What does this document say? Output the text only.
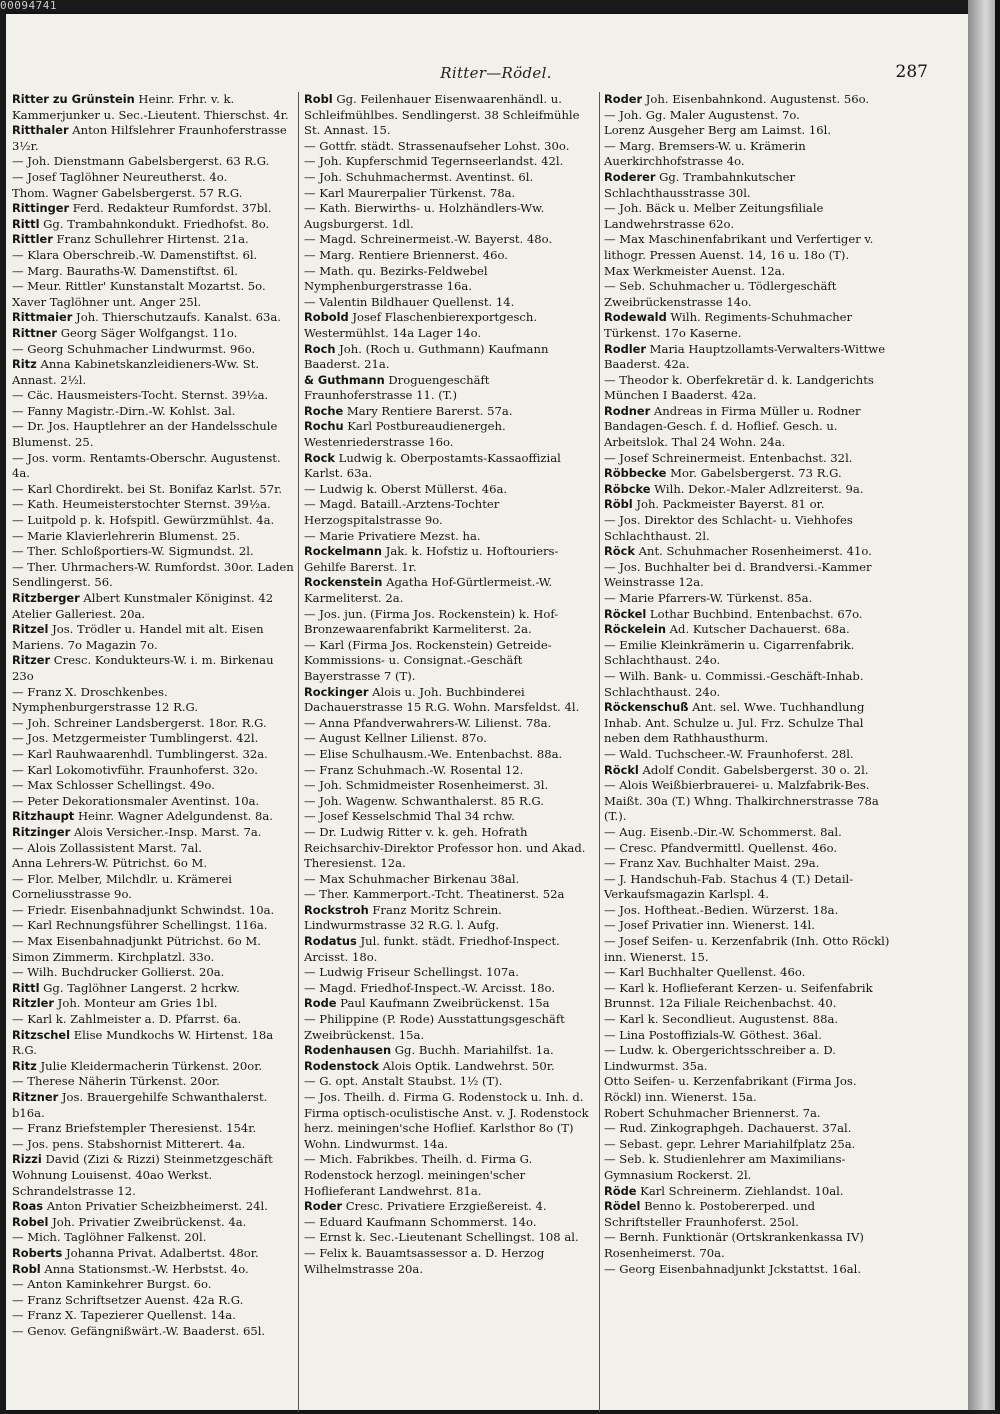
00094741
Ritter—Rödel.	287
Ritter zu Grünstein Heinr. Frhr. v. k. Kammerjunker u. Sec.-Lieutent. Thierschst. 4r.
Ritthaler Anton Hilfslehrer Fraunhoferstrasse 3½r.
— Joh. Dienstmann Gabelsbergerst. 63 R.G.
— Josef Taglöhner Neureutherst. 4o.
Thom. Wagner Gabelsbergerst. 57 R.G.
Rittinger Ferd. Redakteur Rumfordst. 37bl.
Rittl Gg. Trambahnkondukt. Friedhofst. 8o.
Rittler Franz Schullehrer Hirtenst. 21a.
— Klara Oberschreib.-W. Damenstiftst. 6l.
— Marg. Bauraths-W. Damenstiftst. 6l.
— Meur. Rittler' Kunstanstalt Mozartst. 5o.
Xaver Taglöhner unt. Anger 25l.
Rittmaier Joh. Thierschutzaufs. Kanalst. 63a.
Rittner Georg Säger Wolfgangst. 11o.
— Georg Schuhmacher Lindwurmst. 96o.
Ritz Anna Kabinetskanzleidieners-Ww. St. Annast. 2½l.
— Cäc. Hausmeisters-Tocht. Sternst. 39½a.
— Fanny Magistr.-Dirn.-W. Kohlst. 3al.
— Dr. Jos. Hauptlehrer an der Handelsschule Blumenst. 25.
— Jos. vorm. Rentamts-Oberschr. Augustenst. 4a.
— Karl Chordirekt. bei St. Bonifaz Karlst. 57r.
— Kath. Heumeisterstochter Sternst. 39½a.
— Luitpold p. k. Hofspitl. Gewürzmühlst. 4a.
— Marie Klavierlehrerin Blumenst. 25.
— Ther. Schloßportiers-W. Sigmundst. 2l.
— Ther. Uhrmachers-W. Rumfordst. 30or. Laden Sendlingerst. 56.
Ritzberger Albert Kunstmaler Königinst. 42 Atelier Galleriest. 20a.
Ritzel Jos. Trödler u. Handel mit alt. Eisen Mariens. 7o Magazin 7o.
Ritzer Cresc. Kondukteurs-W. i. m. Birkenau 23o
— Franz X. Droschkenbes. Nymphenburgerstrasse 12 R.G.
— Joh. Schreiner Landsbergerst. 18or. R.G.
— Jos. Metzgermeister Tumblingerst. 42l.
— Karl Rauhwaarenhdl. Tumblingerst. 32a.
— Karl Lokomotivführ. Fraunhoferst. 32o.
— Max Schlosser Schellingst. 49o.
— Peter Dekorationsmaler Aventinst. 10a.
Ritzhaupt Heinr. Wagner Adelgundenst. 8a.
Ritzinger Alois Versicher.-Insp. Marst. 7a.
— Alois Zollassistent Marst. 7al.
Anna Lehrers-W. Pütrichst. 6o M.
— Flor. Melber, Milchdlr. u. Krämerei Corneliusstrasse 9o.
— Friedr. Eisenbahnadjunkt Schwindst. 10a.
— Karl Rechnungsführer Schellingst. 116a.
— Max Eisenbahnadjunkt Pütrichst. 6o M.
Simon Zimmerm. Kirchplatzl. 33o.
— Wilh. Buchdrucker Gollierst. 20a.
Rittl Gg. Taglöhner Langerst. 2 hcrkw.
Ritzler Joh. Monteur am Gries 1bl.
— Karl k. Zahlmeister a. D. Pfarrst. 6a.
Ritzschel Elise Mundkochs W. Hirtenst. 18a R.G.
Ritz Julie Kleidermacherin Türkenst. 20or.
— Therese Näherin Türkenst. 20or.
Ritzner Jos. Brauergehilfe Schwanthalerst. b16a.
— Franz Briefstempler Theresienst. 154r.
— Jos. pens. Stabshornist Mitterert. 4a.
Rizzi David (Zizi & Rizzi) Steinmetzgeschäft Wohnung Louisenst. 40ao Werkst. Schrandelstrasse 12.
Roas Anton Privatier Scheizbheimerst. 24l.
Robel Joh. Privatier Zweibrückenst. 4a.
— Mich. Taglöhner Falkenst. 20l.
Roberts Johanna Privat. Adalbertst. 48or.
Robl Anna Stationsmst.-W. Herbstst. 4o.
— Anton Kaminkehrer Burgst. 6o.
— Franz Schriftsetzer Auenst. 42a R.G.
— Franz X. Tapezierer Quellenst. 14a.
— Genov. Gefängnißwärt.-W. Baaderst. 65l.
Robl Gg. Feilenhauer Eisenwaarenhändl. u. Schleifmühlbes. Sendlingerst. 38 Schleifmühle St. Annast. 15.
— Gottfr. städt. Strassenaufseher Lohst. 30o.
— Joh. Kupferschmid Tegernseerlandst. 42l.
— Joh. Schuhmachermst. Aventinst. 6l.
— Karl Maurerpalier Türkenst. 78a.
— Kath. Bierwirths- u. Holzhändlers-Ww. Augsburgerst. 1dl.
— Magd. Schreinermeist.-W. Bayerst. 48o.
— Marg. Rentiere Briennerst. 46o.
— Math. qu. Bezirks-Feldwebel Nymphenburgerstrasse 16a.
— Valentin Bildhauer Quellenst. 14.
Robold Josef Flaschenbierexportgesch. Westermühlst. 14a Lager 14o.
Roch Joh. (Roch u. Guthmann) Kaufmann Baaderst. 21a.
& Guthmann Droguengeschäft Fraunhoferstrasse 11. (T.)
Roche Mary Rentiere Barerst. 57a.
Rochu Karl Postbureaudienergeh. Westenriederstrasse 16o.
Rock Ludwig k. Oberpostamts-Kassaoffizial Karlst. 63a.
— Ludwig k. Oberst Müllerst. 46a.
— Magd. Bataill.-Arztens-Tochter Herzogspitalstrasse 9o.
— Marie Privatiere Mezst. ha.
Rockelmann Jak. k. Hofstiz u. Hoftouriers-Gehilfe Barerst. 1r.
Rockenstein Agatha Hof-Gürtlermeist.-W. Karmeliterst. 2a.
— Jos. jun. (Firma Jos. Rockenstein) k. Hof-Bronzewaarenfabrikt Karmeliterst. 2a.
— Karl (Firma Jos. Rockenstein) Getreide-Kommissions- u. Consignat.-Geschäft Bayerstrasse 7 (T).
Rockinger Alois u. Joh. Buchbinderei Dachauerstrasse 15 R.G. Wohn. Marsfeldst. 4l.
— Anna Pfandverwahrers-W. Lilienst. 78a.
— August Kellner Lilienst. 87o.
— Elise Schulhausm.-We. Entenbachst. 88a.
— Franz Schuhmach.-W. Rosental 12.
— Joh. Schmidmeister Rosenheimerst. 3l.
— Joh. Wagenw. Schwanthalerst. 85 R.G.
— Josef Kesselschmid Thal 34 rchw.
— Dr. Ludwig Ritter v. k. geh. Hofrath Reichsarchiv-Direktor Professor hon. und Akad. Theresienst. 12a.
— Max Schuhmacher Birkenau 38al.
— Ther. Kammerport.-Tcht. Theatinerst. 52a
Rockstroh Franz Moritz Schrein. Lindwurmstrasse 32 R.G. l. Aufg.
Rodatus Jul. funkt. städt. Friedhof-Inspect. Arcisst. 18o.
— Ludwig Friseur Schellingst. 107a.
— Magd. Friedhof-Inspect.-W. Arcisst. 18o.
Rode Paul Kaufmann Zweibrückenst. 15a
— Philippine (P. Rode) Ausstattungsgeschäft Zweibrückenst. 15a.
Rodenhausen Gg. Buchh. Mariahilfst. 1a.
Rodenstock Alois Optik. Landwehrst. 50r.
— G. opt. Anstalt Staubst. 1½ (T).
— Jos. Theilh. d. Firma G. Rodenstock u. Inh. d. Firma optisch-oculistische Anst. v. J. Rodenstock herz. meiningen'sche Hoflief. Karlsthor 8o (T) Wohn. Lindwurmst. 14a.
— Mich. Fabrikbes. Theilh. d. Firma G. Rodenstock herzogl. meiningen'scher Hoflieferant Landwehrst. 81a.
Roder Cresc. Privatiere Erzgießereist. 4.
— Eduard Kaufmann Schommerst. 14o.
— Ernst k. Sec.-Lieutenant Schellingst. 108 al.
— Felix k. Bauamtsassessor a. D. Herzog Wilhelmstrasse 20a.
Roder Joh. Eisenbahnkond. Augustenst. 56o.
— Joh. Gg. Maler Augustenst. 7o.
Lorenz Ausgeher Berg am Laimst. 16l.
— Marg. Bremsers-W. u. Krämerin Auerkirchhofstrasse 4o.
Roderer Gg. Trambahnkutscher Schlachthausstrasse 30l.
— Joh. Bäck u. Melber Zeitungsfiliale Landwehrstrasse 62o.
— Max Maschinenfabrikant und Verfertiger v. lithogr. Pressen Auenst. 14, 16 u. 18o (T).
Max Werkmeister Auenst. 12a.
— Seb. Schuhmacher u. Tödlergeschäft Zweibrückenstrasse 14o.
Rodewald Wilh. Regiments-Schuhmacher Türkenst. 17o Kaserne.
Rodler Maria Hauptzollamts-Verwalters-Wittwe Baaderst. 42a.
— Theodor k. Oberfekretär d. k. Landgerichts München I Baaderst. 42a.
Rodner Andreas in Firma Müller u. Rodner Bandagen-Gesch. f. d. Hoflief. Gesch. u. Arbeitslok. Thal 24 Wohn. 24a.
— Josef Schreinermeist. Entenbachst. 32l.
Röbbecke Mor. Gabelsbergerst. 73 R.G.
Röbcke Wilh. Dekor.-Maler Adlzreiterst. 9a.
Röbl Joh. Packmeister Bayerst. 81 or.
— Jos. Direktor des Schlacht- u. Viehhofes Schlachthaust. 2l.
Röck Ant. Schuhmacher Rosenheimerst. 41o.
— Jos. Buchhalter bei d. Brandversi.-Kammer Weinstrasse 12a.
— Marie Pfarrers-W. Türkenst. 85a.
Röckel Lothar Buchbind. Entenbachst. 67o.
Röckelein Ad. Kutscher Dachauerst. 68a.
— Emilie Kleinkrämerin u. Cigarrenfabrik. Schlachthaust. 24o.
— Wilh. Bank- u. Commissi.-Geschäft-Inhab. Schlachthaust. 24o.
Röckenschuß Ant. sel. Wwe. Tuchhandlung Inhab. Ant. Schulze u. Jul. Frz. Schulze Thal neben dem Rathhausthurm.
— Wald. Tuchscheer.-W. Fraunhoferst. 28l.
Röckl Adolf Condit. Gabelsbergerst. 30 o. 2l.
— Alois Weißbierbrauerei- u. Malzfabrik-Bes. Maißt. 30a (T.) Whng. Thalkirchnerstrasse 78a (T.).
— Aug. Eisenb.-Dir.-W. Schommerst. 8al.
— Cresc. Pfandvermittl. Quellenst. 46o.
— Franz Xav. Buchhalter Maist. 29a.
— J. Handschuh-Fab. Stachus 4 (T.) Detail-Verkaufsmagazin Karlspl. 4.
— Jos. Hoftheat.-Bedien. Würzerst. 18a.
— Josef Privatier inn. Wienerst. 14l.
— Josef Seifen- u. Kerzenfabrik (Inh. Otto Röckl) inn. Wienerst. 15.
— Karl Buchhalter Quellenst. 46o.
— Karl k. Hoflieferant Kerzen- u. Seifenfabrik Brunnst. 12a Filiale Reichenbachst. 40.
— Karl k. Secondlieut. Augustenst. 88a.
— Lina Postoffizials-W. Göthest. 36al.
— Ludw. k. Obergerichtsschreiber a. D. Lindwurmst. 35a.
Otto Seifen- u. Kerzenfabrikant (Firma Jos. Röckl) inn. Wienerst. 15a.
Robert Schuhmacher Briennerst. 7a.
— Rud. Zinkographgeh. Dachauerst. 37al.
— Sebast. gepr. Lehrer Mariahilfplatz 25a.
— Seb. k. Studienlehrer am Maximilians-Gymnasium Rockerst. 2l.
Röde Karl Schreinerm. Ziehlandst. 10al.
Rödel Benno k. Postobererped. und Schriftsteller Fraunhoferst. 25ol.
— Bernh. Funktionär (Ortskrankenkassa IV) Rosenheimerst. 70a.
— Georg Eisenbahnadjunkt Jckstattst. 16al.
